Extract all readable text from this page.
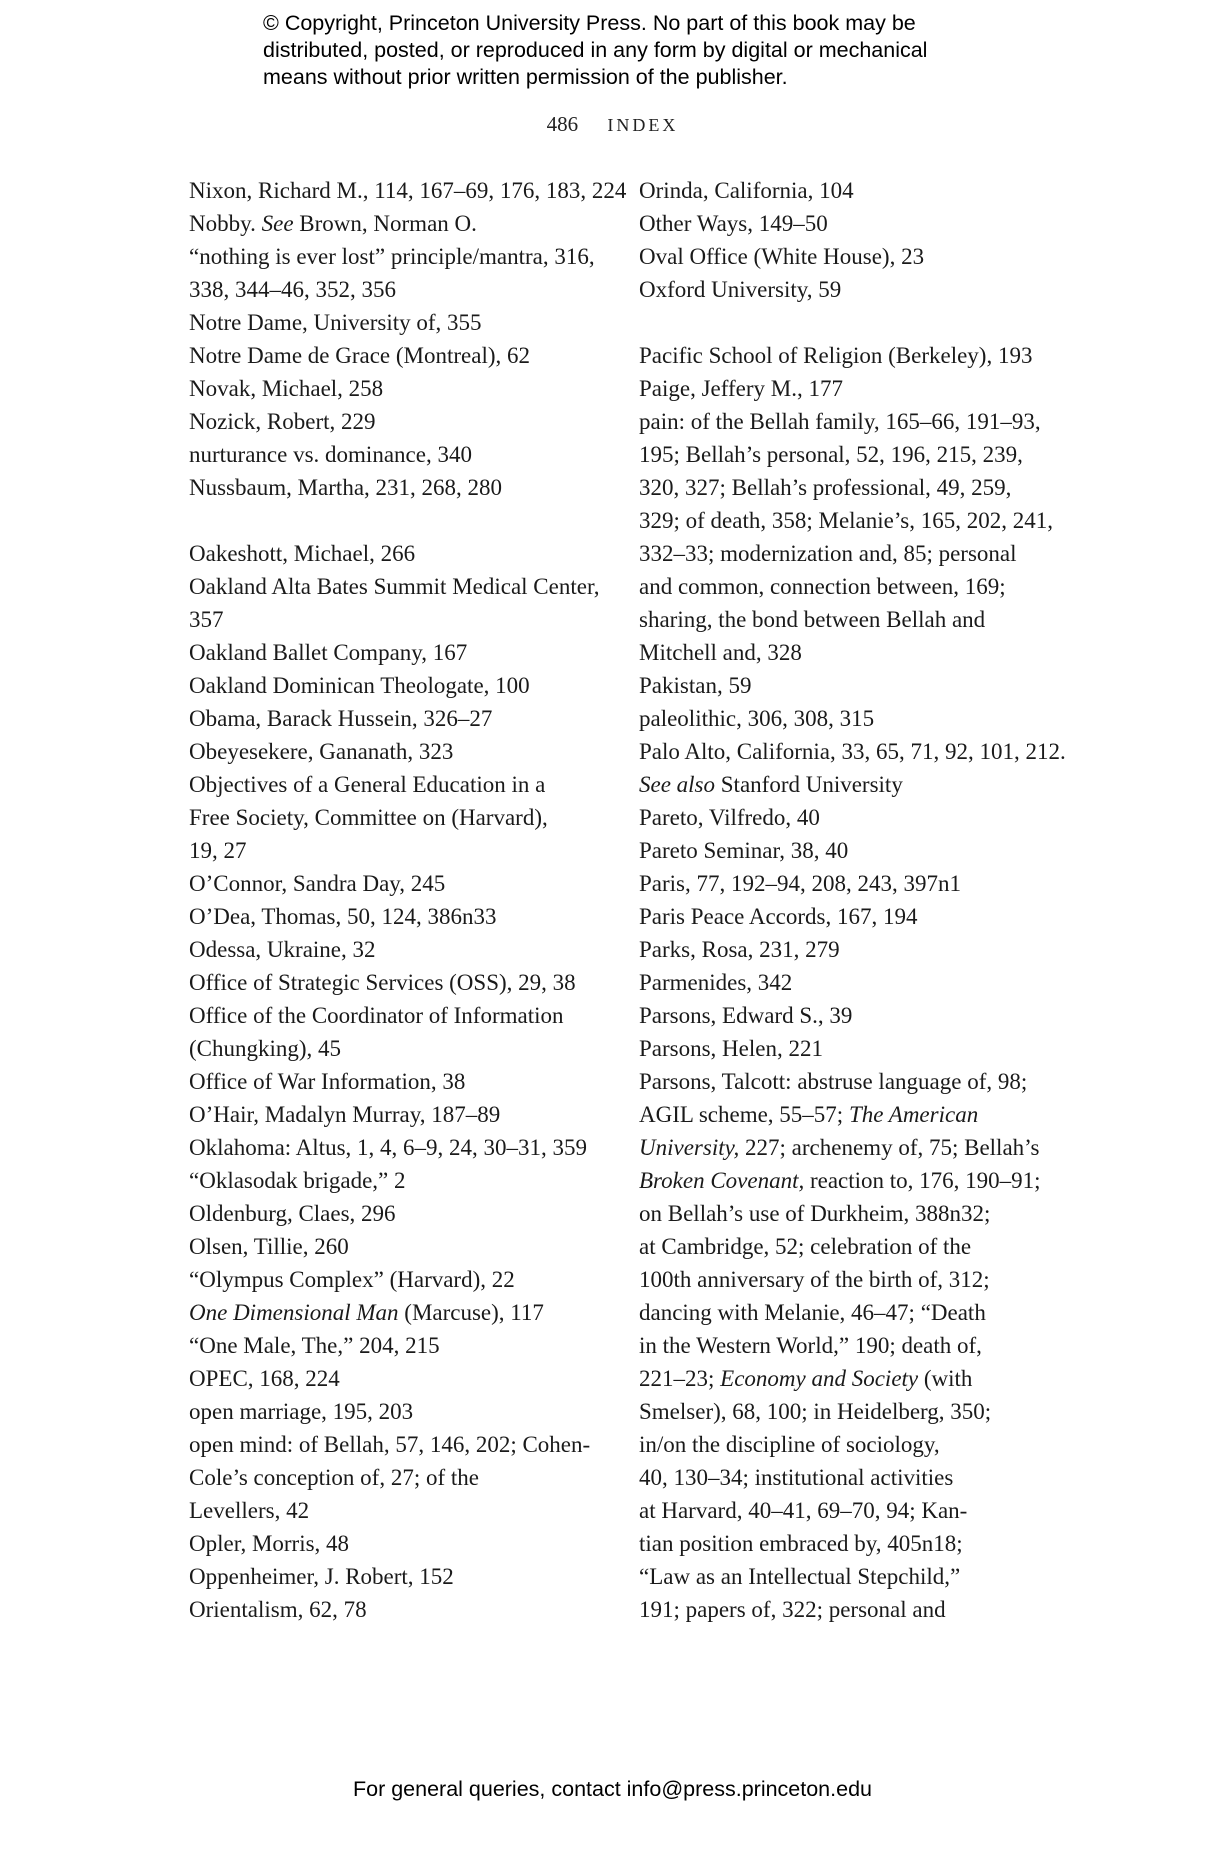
© Copyright, Princeton University Press. No part of this book may be
distributed, posted, or reproduced in any form by digital or mechanical
means without prior written permission of the publisher.
486 INDEX
Nixon, Richard M., 114, 167–69, 176, 183, 224
Nobby. See Brown, Norman O.
“nothing is ever lost” principle/mantra, 316,
338, 344–46, 352, 356
Notre Dame, University of, 355
Notre Dame de Grace (Montreal), 62
Novak, Michael, 258
Nozick, Robert, 229
nurturance vs. dominance, 340
Nussbaum, Martha, 231, 268, 280
Oakeshott, Michael, 266
Oakland Alta Bates Summit Medical Center,
357
Oakland Ballet Company, 167
Oakland Dominican Theologate, 100
Obama, Barack Hussein, 326–27
Obeyesekere, Gananath, 323
Objectives of a General Education in a
Free Society, Committee on (Harvard),
19, 27
O’Connor, Sandra Day, 245
O’Dea, Thomas, 50, 124, 386n33
Odessa, Ukraine, 32
Office of Strategic Services (OSS), 29, 38
Office of the Coordinator of Information
(Chungking), 45
Office of War Information, 38
O’Hair, Madalyn Murray, 187–89
Oklahoma: Altus, 1, 4, 6–9, 24, 30–31, 359
“Oklasodak brigade,” 2
Oldenburg, Claes, 296
Olsen, Tillie, 260
“Olympus Complex” (Harvard), 22
One Dimensional Man (Marcuse), 117
“One Male, The,” 204, 215
OPEC, 168, 224
open marriage, 195, 203
open mind: of Bellah, 57, 146, 202; Cohen-
Cole’s conception of, 27; of the
Levellers, 42
Opler, Morris, 48
Oppenheimer, J. Robert, 152
Orientalism, 62, 78
Orinda, California, 104
Other Ways, 149–50
Oval Office (White House), 23
Oxford University, 59
Pacific School of Religion (Berkeley), 193
Paige, Jeffery M., 177
pain: of the Bellah family, 165–66, 191–93,
195; Bellah’s personal, 52, 196, 215, 239,
320, 327; Bellah’s professional, 49, 259,
329; of death, 358; Melanie’s, 165, 202, 241,
332–33; modernization and, 85; personal
and common, connection between, 169;
sharing, the bond between Bellah and
Mitchell and, 328
Pakistan, 59
paleolithic, 306, 308, 315
Palo Alto, California, 33, 65, 71, 92, 101, 212.
See also Stanford University
Pareto, Vilfredo, 40
Pareto Seminar, 38, 40
Paris, 77, 192–94, 208, 243, 397n1
Paris Peace Accords, 167, 194
Parks, Rosa, 231, 279
Parmenides, 342
Parsons, Edward S., 39
Parsons, Helen, 221
Parsons, Talcott: abstruse language of, 98;
AGIL scheme, 55–57; The American
University, 227; archenemy of, 75; Bellah’s
Broken Covenant, reaction to, 176, 190–91;
on Bellah’s use of Durkheim, 388n32;
at Cambridge, 52; celebration of the
100th anniversary of the birth of, 312;
dancing with Melanie, 46–47; “Death
in the Western World,” 190; death of,
221–23; Economy and Society (with
Smelser), 68, 100; in Heidelberg, 350;
in/on the discipline of sociology,
40, 130–34; institutional activities
at Harvard, 40–41, 69–70, 94; Kan-
tian position embraced by, 405n18;
“Law as an Intellectual Stepchild,”
191; papers of, 322; personal and
For general queries, contact info@press.princeton.edu
